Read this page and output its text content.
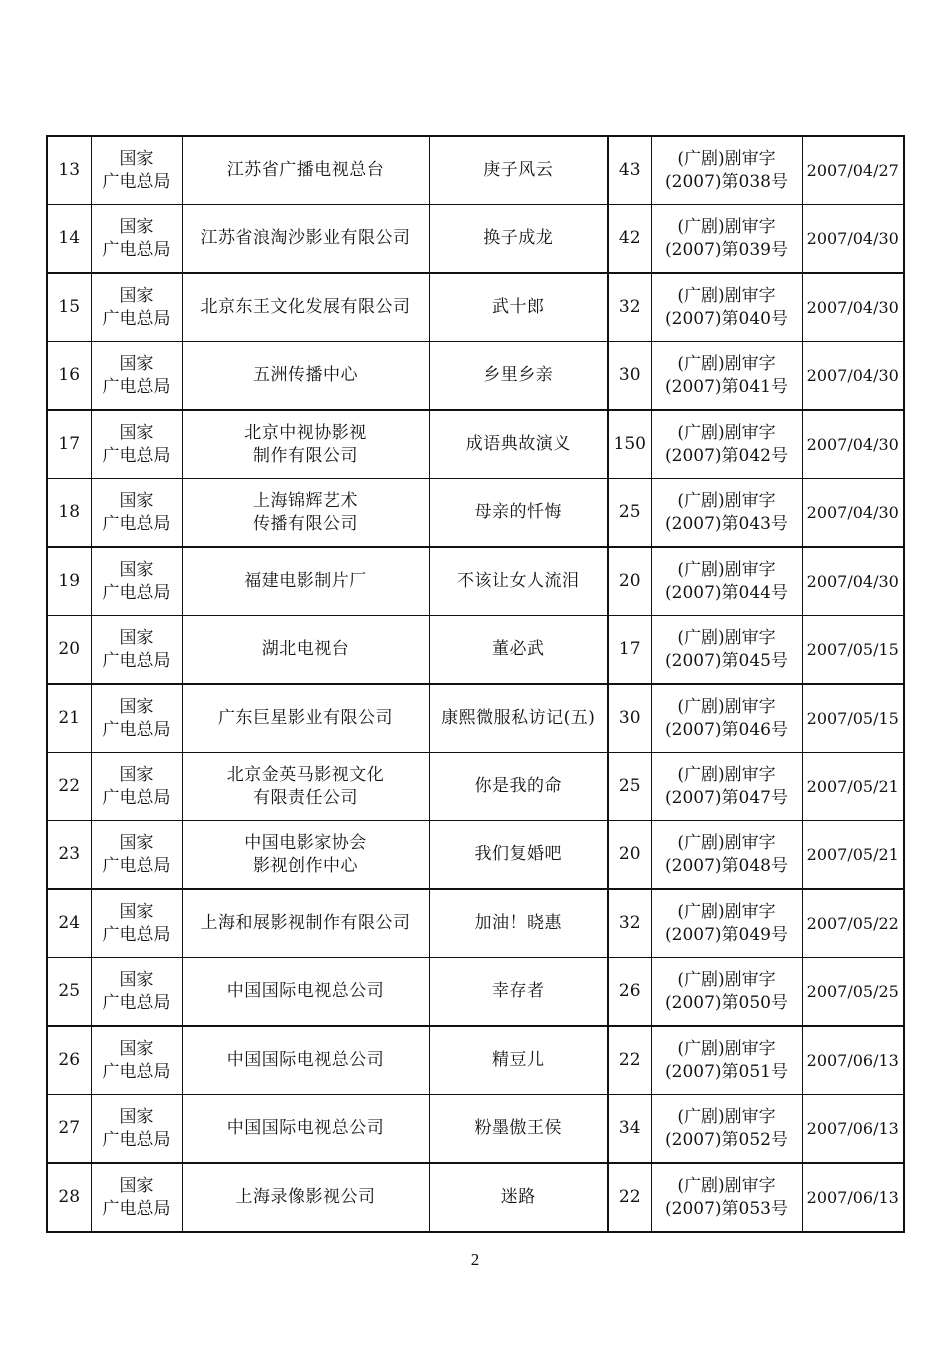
13	国家
广电总局	江苏省广播电视总台	庚子风云	43	(广剧)剧审字
(2007)第038号	2007/04/27
14	国家
广电总局	江苏省浪淘沙影业有限公司	换子成龙	42	(广剧)剧审字
(2007)第039号	2007/04/30
15	国家
广电总局	北京东王文化发展有限公司	武十郎	32	(广剧)剧审字
(2007)第040号	2007/04/30
16	国家
广电总局	五洲传播中心	乡里乡亲	30	(广剧)剧审字
(2007)第041号	2007/04/30
17	国家
广电总局	北京中视协影视
制作有限公司	成语典故演义	150	(广剧)剧审字
(2007)第042号	2007/04/30
18	国家
广电总局	上海锦辉艺术
传播有限公司	母亲的忏悔	25	(广剧)剧审字
(2007)第043号	2007/04/30
19	国家
广电总局	福建电影制片厂	不该让女人流泪	20	(广剧)剧审字
(2007)第044号	2007/04/30
20	国家
广电总局	湖北电视台	董必武	17	(广剧)剧审字
(2007)第045号	2007/05/15
21	国家
广电总局	广东巨星影业有限公司	康熙微服私访记(五)	30	(广剧)剧审字
(2007)第046号	2007/05/15
22	国家
广电总局	北京金英马影视文化
有限责任公司	你是我的命	25	(广剧)剧审字
(2007)第047号	2007/05/21
23	国家
广电总局	中国电影家协会
影视创作中心	我们复婚吧	20	(广剧)剧审字
(2007)第048号	2007/05/21
24	国家
广电总局	上海和展影视制作有限公司	加油！晓惠	32	(广剧)剧审字
(2007)第049号	2007/05/22
25	国家
广电总局	中国国际电视总公司	幸存者	26	(广剧)剧审字
(2007)第050号	2007/05/25
26	国家
广电总局	中国国际电视总公司	精豆儿	22	(广剧)剧审字
(2007)第051号	2007/06/13
27	国家
广电总局	中国国际电视总公司	粉墨傲王侯	34	(广剧)剧审字
(2007)第052号	2007/06/13
28	国家
广电总局	上海录像影视公司	迷路	22	(广剧)剧审字
(2007)第053号	2007/06/13
2
